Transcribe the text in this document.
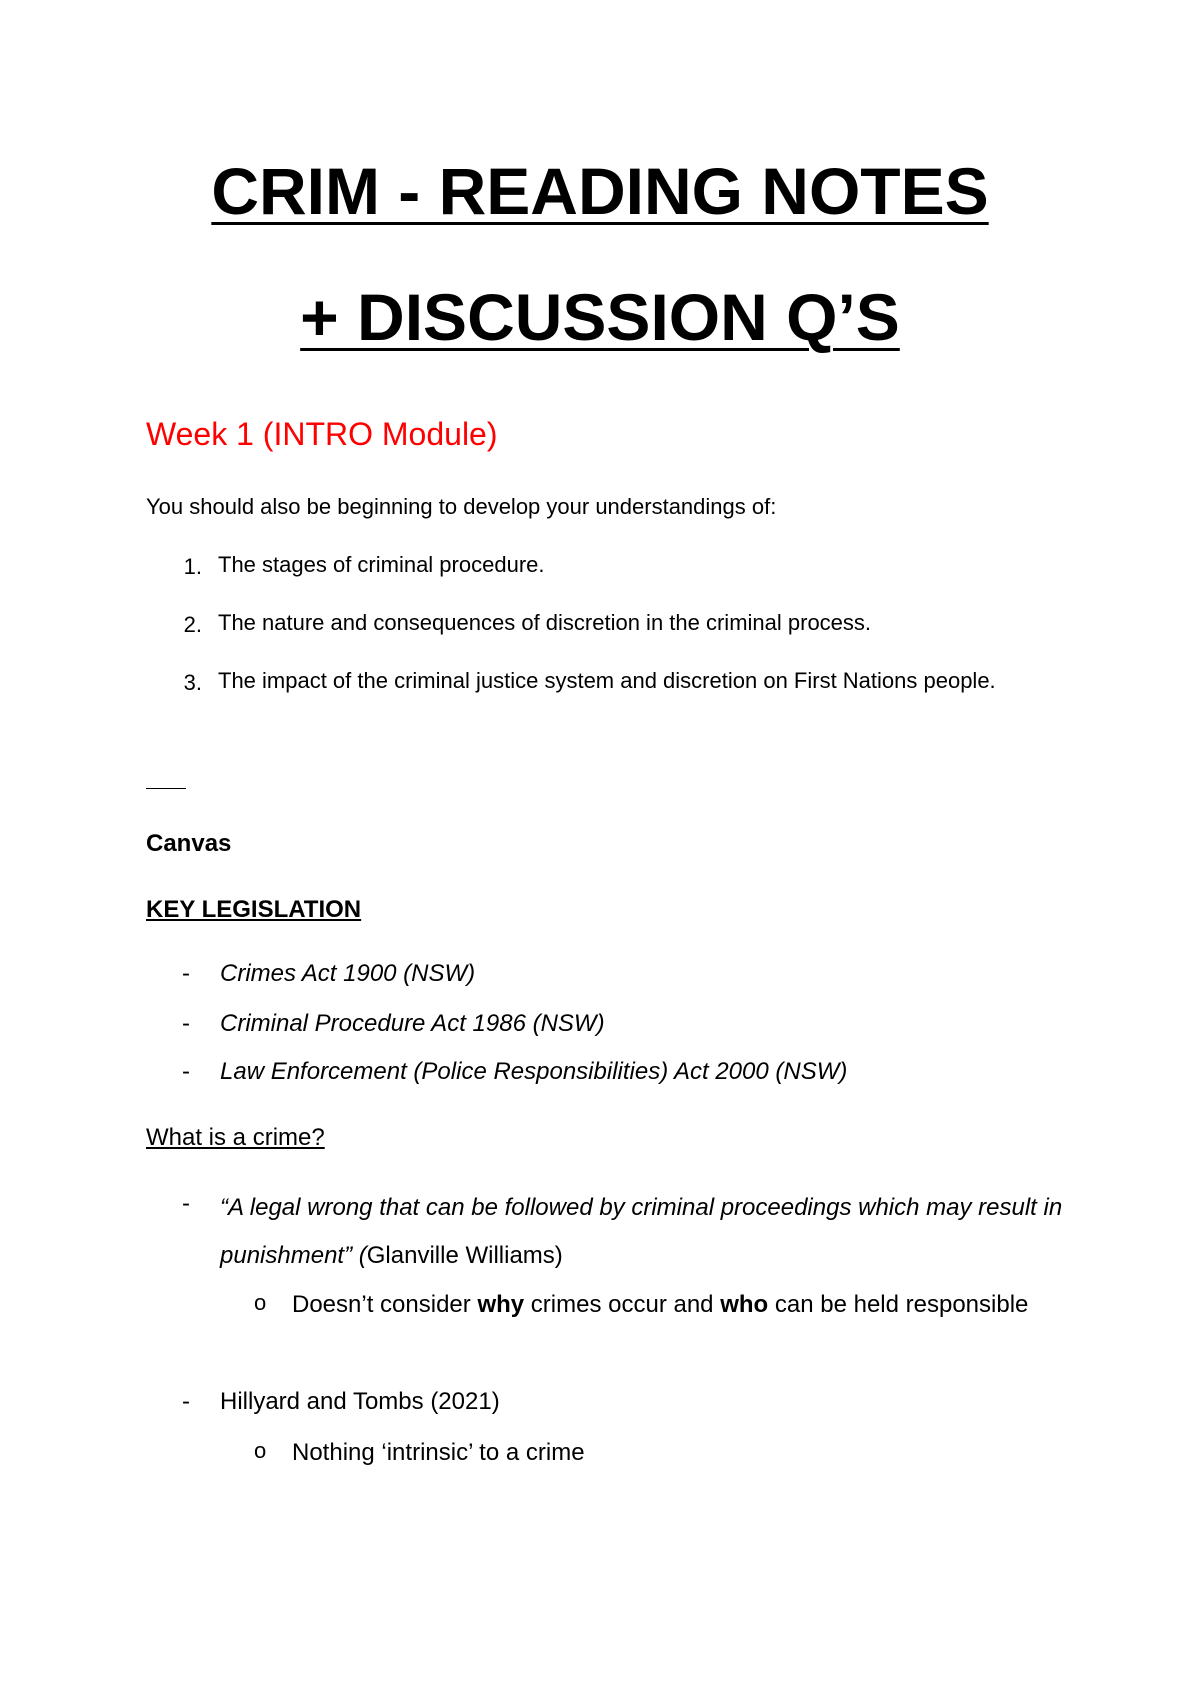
CRIM - READING NOTES
+ DISCUSSION Q’S
Week 1 (INTRO Module)
You should also be beginning to develop your understandings of:
1. The stages of criminal procedure.
2. The nature and consequences of discretion in the criminal process.
3. The impact of the criminal justice system and discretion on First Nations people.
Canvas
KEY LEGISLATION
- Crimes Act 1900 (NSW)
- Criminal Procedure Act 1986 (NSW)
- Law Enforcement (Police Responsibilities) Act 2000 (NSW)
What is a crime?
- “A legal wrong that can be followed by criminal proceedings which may result in punishment” (Glanville Williams)
o Doesn’t consider why crimes occur and who can be held responsible
- Hillyard and Tombs (2021)
o Nothing ‘intrinsic’ to a crime
